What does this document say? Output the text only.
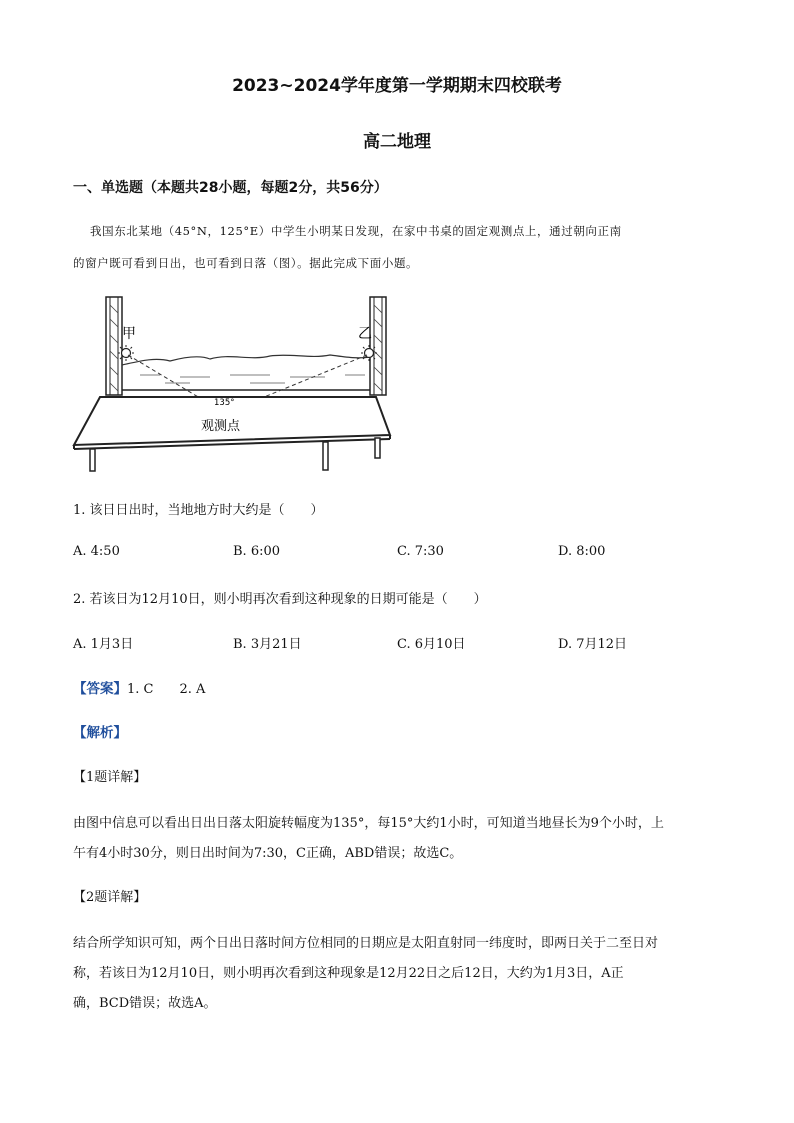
2023~2024学年度第一学期期末四校联考
高二地理
一、单选题（本题共28小题，每题2分，共56分）
我国东北某地（45°N，125°E）中学生小明某日发现，在家中书桌的固定观测点上，通过朝向正南
的窗户既可看到日出，也可看到日落（图）。据此完成下面小题。
甲	乙
135°
观测点
1. 该日日出时，当地地方时大约是（　　）
A. 4:50	B. 6:00	C. 7:30	D. 8:00
2. 若该日为12月10日，则小明再次看到这种现象的日期可能是（　　）
A. 1月3日	B. 3月21日	C. 6月10日	D. 7月12日
【答案】1. C　　2. A
【解析】
【1题详解】
由图中信息可以看出日出日落太阳旋转幅度为135°，每15°大约1小时，可知道当地昼长为9个小时，上
午有4小时30分，则日出时间为7:30，C正确，ABD错误；故选C。
【2题详解】
结合所学知识可知，两个日出日落时间方位相同的日期应是太阳直射同一纬度时，即两日关于二至日对
称，若该日为12月10日，则小明再次看到这种现象是12月22日之后12日，大约为1月3日，A正
确，BCD错误；故选A。
